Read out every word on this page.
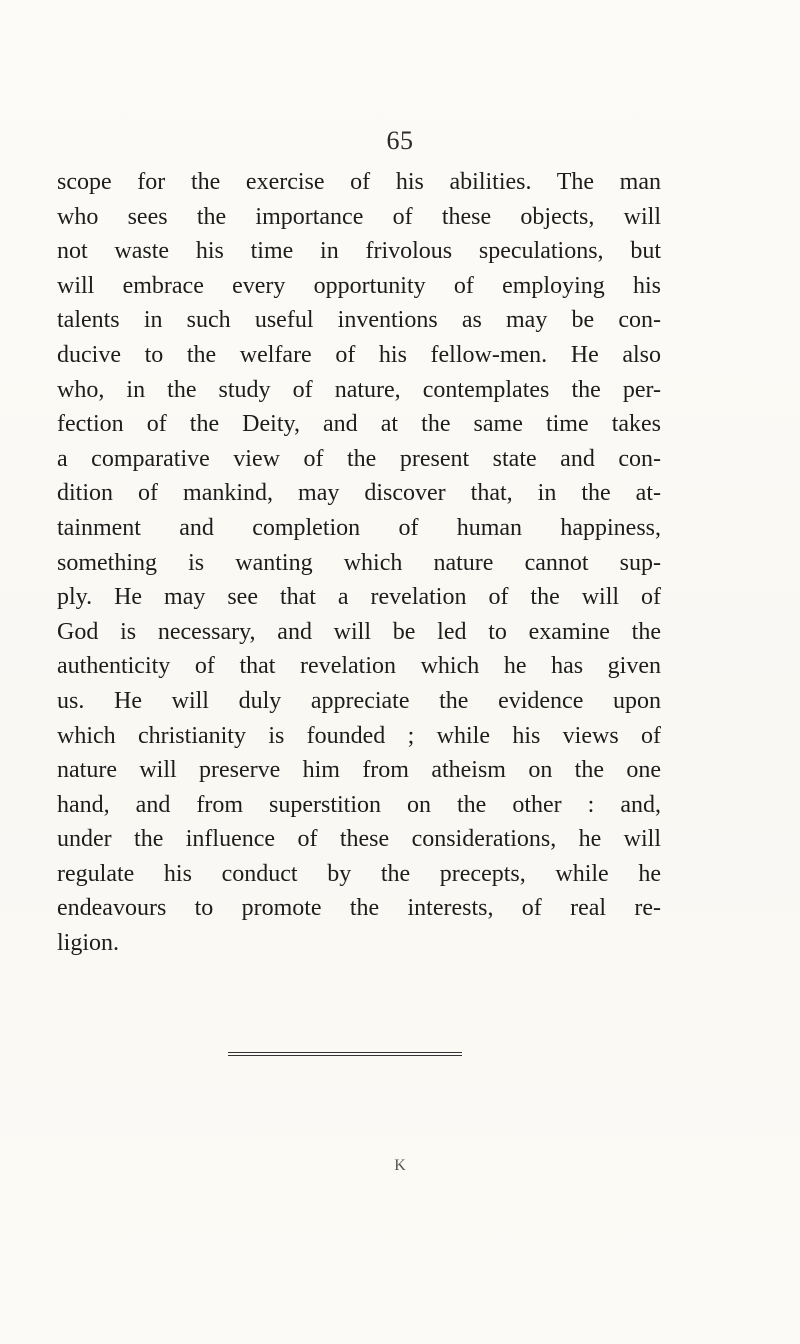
65
scope for the exercise of his abilities. The man
who sees the importance of these objects, will
not waste his time in frivolous speculations, but
will embrace every opportunity of employing his
talents in such useful inventions as may be con-
ducive to the welfare of his fellow-men. He also
who, in the study of nature, contemplates the per-
fection of the Deity, and at the same time takes
a comparative view of the present state and con-
dition of mankind, may discover that, in the at-
tainment and completion of human happiness,
something is wanting which nature cannot sup-
ply. He may see that a revelation of the will of
God is necessary, and will be led to examine the
authenticity of that revelation which he has given
us. He will duly appreciate the evidence upon
which christianity is founded ; while his views of
nature will preserve him from atheism on the one
hand, and from superstition on the other : and,
under the influence of these considerations, he will
regulate his conduct by the precepts, while he
endeavours to promote the interests, of real re-
ligion.
K
